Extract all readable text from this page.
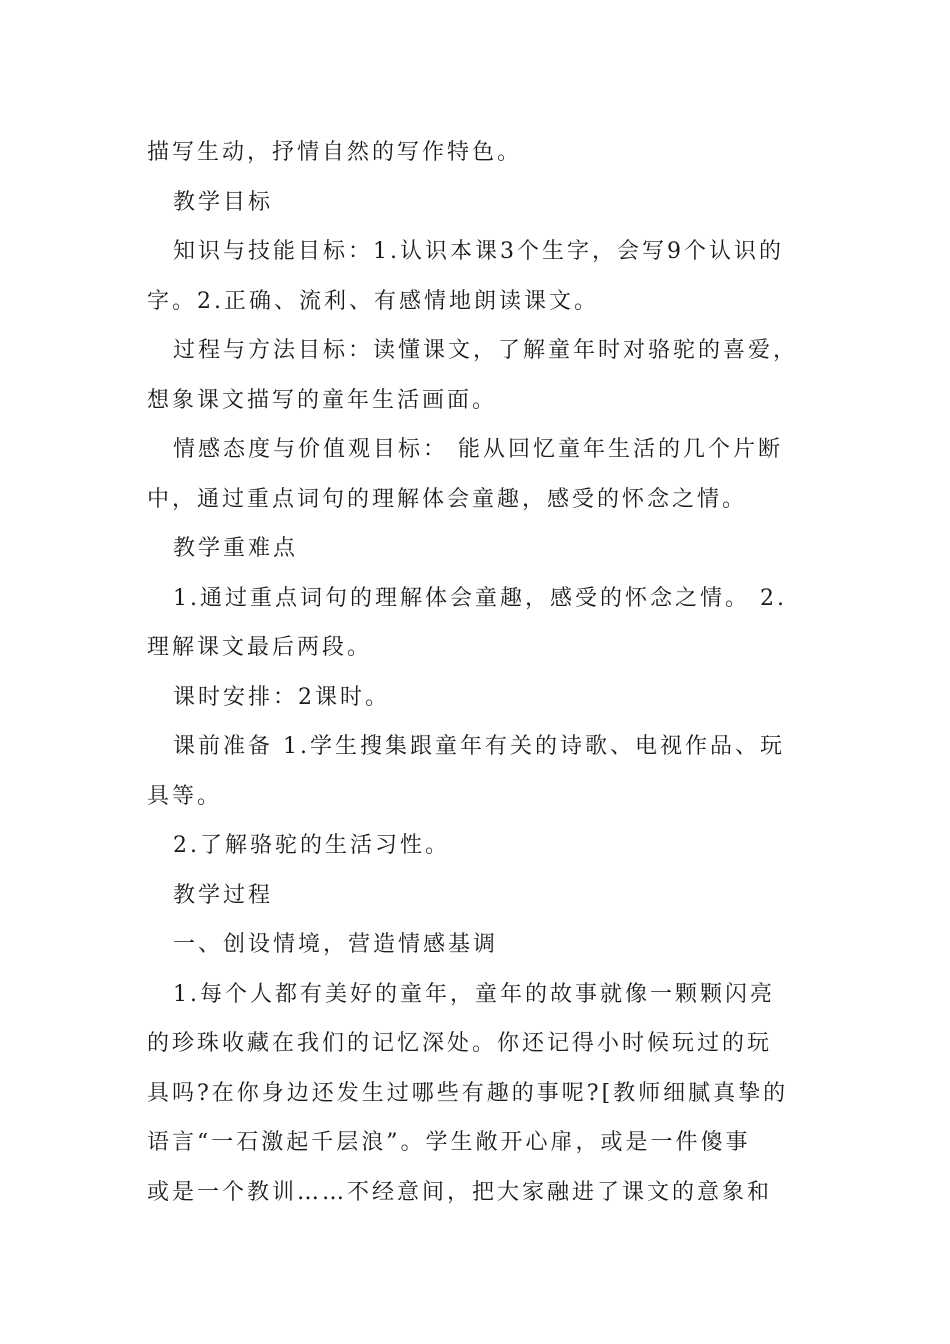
描写生动，抒情自然的写作特色。

教学目标

知识与技能目标：1.认识本课3个生字，会写9个认识的
字。2.正确、流利、有感情地朗读课文。

过程与方法目标：读懂课文，了解童年时对骆驼的喜爱，
想象课文描写的童年生活画面。

情感态度与价值观目标： 能从回忆童年生活的几个片断
中，通过重点词句的理解体会童趣，感受的怀念之情。

教学重难点

1.通过重点词句的理解体会童趣，感受的怀念之情。 2.
理解课文最后两段。

课时安排：2课时。

课前准备 1.学生搜集跟童年有关的诗歌、电视作品、玩
具等。

2.了解骆驼的生活习性。

教学过程

一、创设情境，营造情感基调

1.每个人都有美好的童年，童年的故事就像一颗颗闪亮
的珍珠收藏在我们的记忆深处。你还记得小时候玩过的玩
具吗?在你身边还发生过哪些有趣的事呢?[教师细腻真挚的
语言“一石激起千层浪”。学生敞开心扉，或是一件傻事
或是一个教训……不经意间，把大家融进了课文的意象和
